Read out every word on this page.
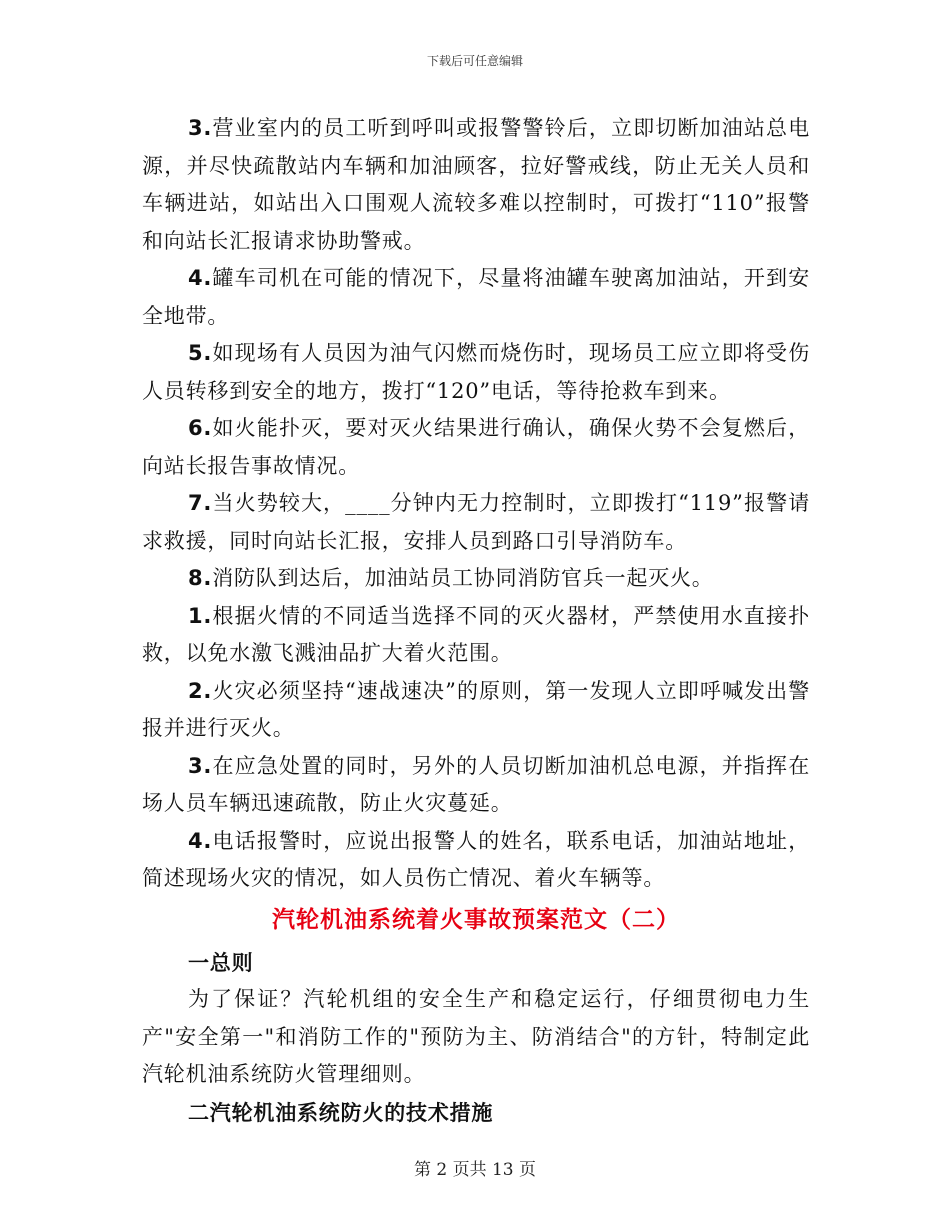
下载后可任意编辑

3.营业室内的员工听到呼叫或报警警铃后，立即切断加油站总电源，并尽快疏散站内车辆和加油顾客，拉好警戒线，防止无关人员和车辆进站，如站出入口围观人流较多难以控制时，可拨打“110”报警和向站长汇报请求协助警戒。

4.罐车司机在可能的情况下，尽量将油罐车驶离加油站，开到安全地带。

5.如现场有人员因为油气闪燃而烧伤时，现场员工应立即将受伤人员转移到安全的地方，拨打“120”电话，等待抢救车到来。

6.如火能扑灭，要对灭火结果进行确认，确保火势不会复燃后，向站长报告事故情况。

7.当火势较大，____分钟内无力控制时，立即拨打“119”报警请求救援，同时向站长汇报，安排人员到路口引导消防车。

8.消防队到达后，加油站员工协同消防官兵一起灭火。

1.根据火情的不同适当选择不同的灭火器材，严禁使用水直接扑救，以免水激飞溅油品扩大着火范围。

2.火灾必须坚持“速战速决”的原则，第一发现人立即呼喊发出警报并进行灭火。

3.在应急处置的同时，另外的人员切断加油机总电源，并指挥在场人员车辆迅速疏散，防止火灾蔓延。

4.电话报警时，应说出报警人的姓名，联系电话，加油站地址，简述现场火灾的情况，如人员伤亡情况、着火车辆等。

汽轮机油系统着火事故预案范文（二）

一总则

为了保证？汽轮机组的安全生产和稳定运行，仔细贯彻电力生产"安全第一"和消防工作的"预防为主、防消结合"的方针，特制定此汽轮机油系统防火管理细则。

二汽轮机油系统防火的技术措施

第 2 页共 13 页
